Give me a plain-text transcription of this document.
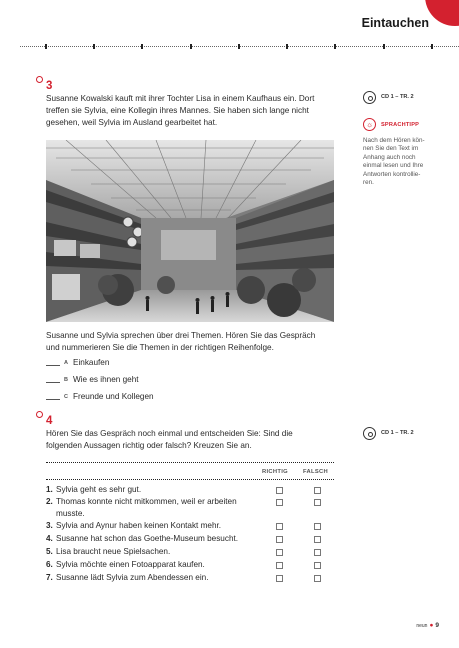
Eintauchen
3
Susanne Kowalski kauft mit ihrer Tochter Lisa in einem Kaufhaus ein. Dort
treffen sie Sylvia, eine Kollegin ihres Mannes. Sie haben sich lange nicht
gesehen, weil Sylvia im Ausland gearbeitet hat.
Susanne und Sylvia sprechen über drei Themen. Hören Sie das Gespräch
und nummerieren Sie die Themen in der richtigen Reihenfolge.
A Einkaufen
B Wie es ihnen geht
C Freunde und Kollegen
4
Hören Sie das Gespräch noch einmal und entscheiden Sie: Sind die
folgenden Aussagen richtig oder falsch? Kreuzen Sie an.
RICHTIG	FALSCH
1. Sylvia geht es sehr gut.
2. Thomas konnte nicht mitkommen, weil er arbeiten
musste.
3. Sylvia and Aynur haben keinen Kontakt mehr.
4. Susanne hat schon das Goethe-Museum besucht.
5. Lisa braucht neue Spielsachen.
6. Sylvia möchte einen Fotoapparat kaufen.
7. Susanne lädt Sylvia zum Abendessen ein.
CD 1 – TR. 2
☼	SPRACHTIPP
Nach dem Hören kön-
nen Sie den Text im
Anhang auch noch
einmal lesen und Ihre
Antworten kontrollie-
ren.
CD 1 – TR. 2
neun ● 9
